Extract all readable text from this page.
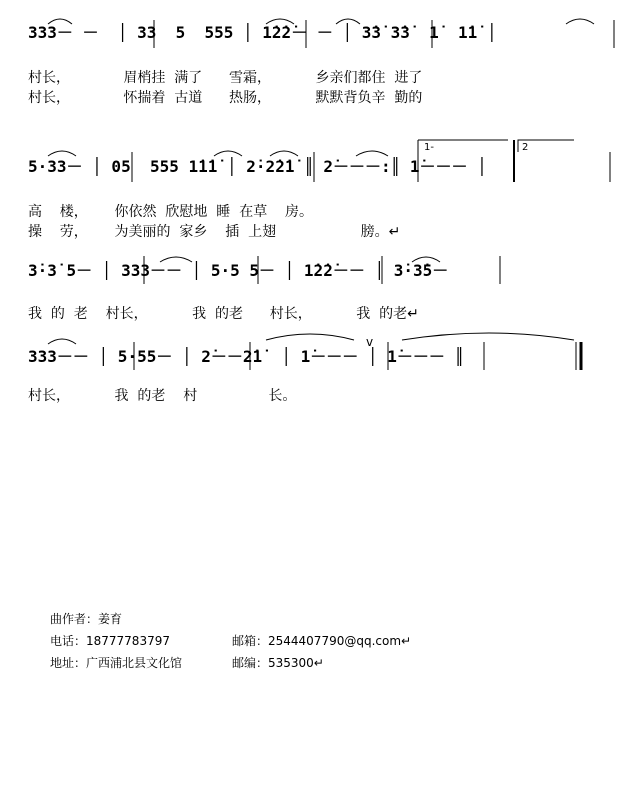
333－ －  │ 33  5  555 │ 1̇2̇2̇－ － │ 3̇3̇ 3̇3̇  1̇  1̇1̇ │
村长，            眉梢挂  满了      雪霜，          乡亲们都住  进了
村长，            怀揣着  古道      热肠，          默默背负辛  勤的
1-	2
5·33－ │ 05  555 1̇1̇1̇ │ 2̇·2̇2̇1̇ ║ 2̇－－－:║ 1̇－－－ │
高    楼，      你依然  欣慰地  睡  在草    房。
操    劳，      为美丽的  家乡    插  上翅                   膀。↵
3̇·3̇ 5－ │ 333－－ │ 5·5 5－ │ 1̇2̇2̇－－ │ 3̇·3̇5－
我  的  老    村长，          我  的老      村长，          我  的老↵
333－－ │ 5·55－ │ 2̇－－2̇1̇  │ 1̇－－－ │ 1̇－－－ ║
v
村长，          我  的老    村                长。
曲作者：姜育
电话：18777783797	邮箱：2544407790@qq.com↵
地址：广西浦北县文化馆	邮编：535300↵
